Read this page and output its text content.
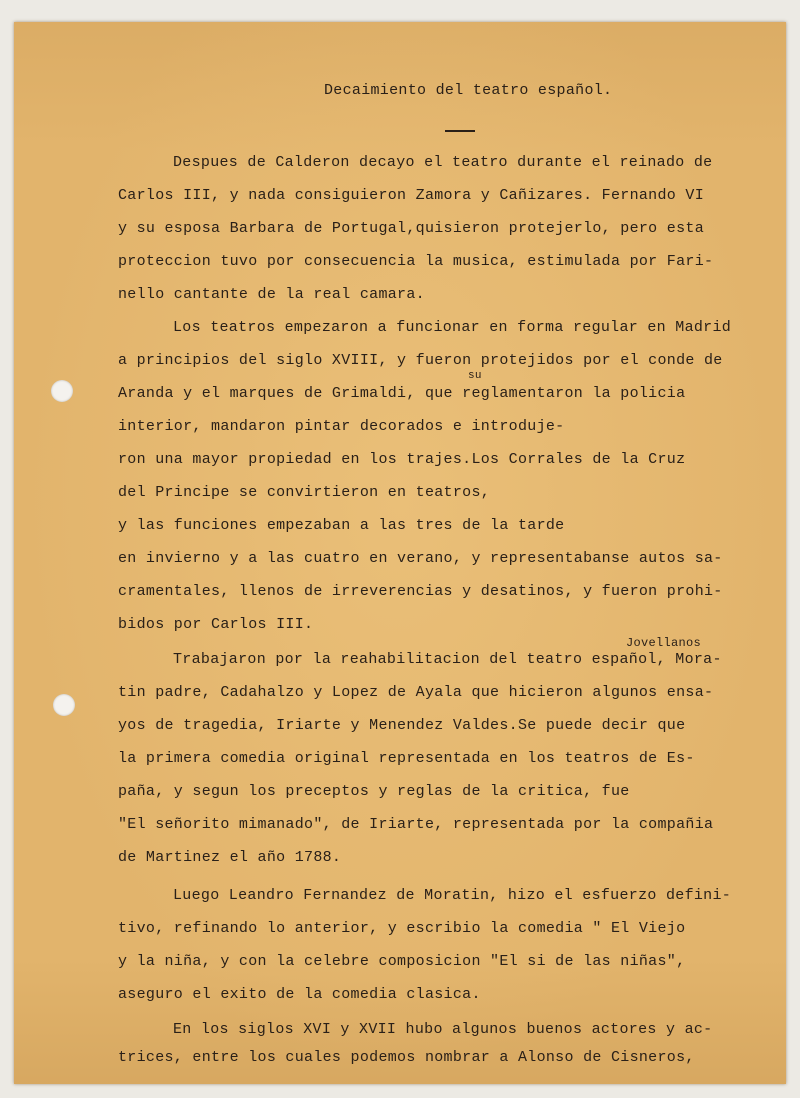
Decaimiento del teatro español.
Despues de Calderon decayo el teatro durante el reinado de
Carlos III, y nada consiguieron Zamora y Cañizares. Fernando VI
y su esposa Barbara de Portugal,quisieron protejerlo, pero esta
proteccion tuvo por consecuencia la musica, estimulada por Fari-
nello cantante de la real camara.
Los teatros empezaron a funcionar en forma regular en Madrid
a principios del siglo XVIII, y fueron protejidos por el conde de
su
Aranda y el marques de Grimaldi, que reglamentaron la policia
interior, mandaron pintar decorados e introduje-
ron una mayor propiedad en los trajes.Los Corrales de la Cruz
del Principe se convirtieron en teatros,
y las funciones empezaban a las tres de la tarde
en invierno y a las cuatro en verano, y representabanse autos sa-
cramentales, llenos de irreverencias y desatinos, y fueron prohi-
bidos por Carlos III.
Jovellanos
Trabajaron por la reahabilitacion del teatro español, Mora-
tin padre, Cadahalzo y Lopez de Ayala que hicieron algunos ensa-
yos de tragedia, Iriarte y Menendez Valdes.Se puede decir que
la primera comedia original representada en los teatros de Es-
paña, y segun los preceptos y reglas de la critica, fue
"El señorito mimanado", de Iriarte, representada por la compañia
de Martinez el año 1788.
Luego Leandro Fernandez de Moratin, hizo el esfuerzo defini-
tivo, refinando lo anterior, y escribio la comedia " El Viejo
y la niña, y con la celebre composicion "El si de las niñas",
aseguro el exito de la comedia clasica.
En los siglos XVI y XVII hubo algunos buenos actores y ac-
trices, entre los cuales podemos nombrar a Alonso de Cisneros,
